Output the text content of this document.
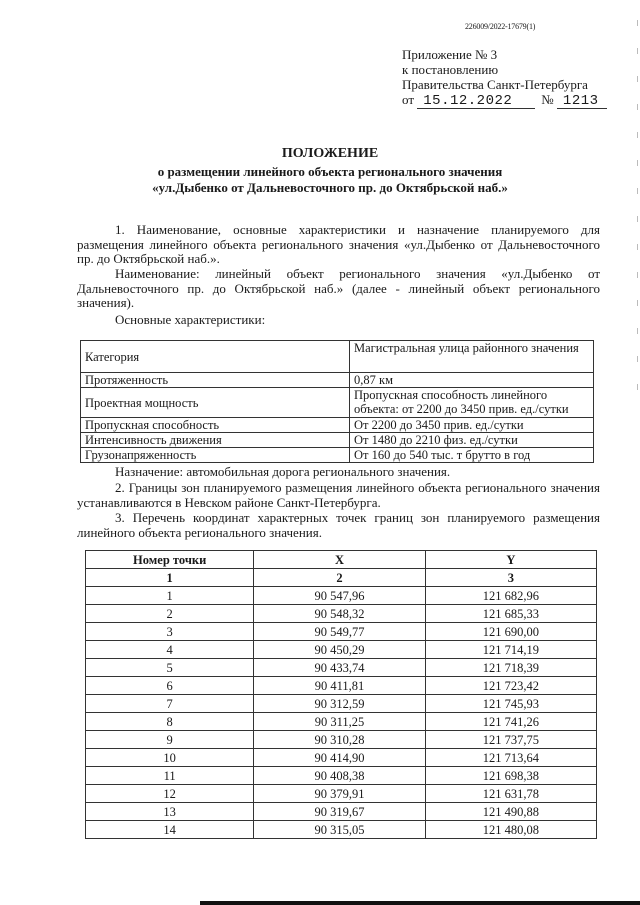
226009/2022-17679(1)
Приложение № 3
к постановлению
Правительства Санкт-Петербурга
от 15.12.2022 № 1213
ПОЛОЖЕНИЕ
о размещении линейного объекта регионального значения
«ул.Дыбенко от Дальневосточного пр. до Октябрьской наб.»
1. Наименование, основные характеристики и назначение планируемого для размещения линейного объекта регионального значения «ул.Дыбенко от Дальневосточного пр. до Октябрьской наб.».
Наименование: линейный объект регионального значения «ул.Дыбенко от Дальневосточного пр. до Октябрьской наб.» (далее - линейный объект регионального значения).
Основные характеристики:
Категория	Магистральная улица районного значения
Протяженность	0,87 км
Проектная мощность	Пропускная способность линейного объекта: от 2200 до 3450 прив. ед./сутки
Пропускная способность	От 2200 до 3450 прив. ед./сутки
Интенсивность движения	От 1480 до 2210 физ. ед./сутки
Грузонапряженность	От 160 до 540 тыс. т брутто в год
Назначение: автомобильная дорога регионального значения.
2. Границы зон планируемого размещения линейного объекта регионального значения устанавливаются в Невском районе Санкт-Петербурга.
3. Перечень координат характерных точек границ зон планируемого размещения линейного объекта регионального значения.
Номер точки	X	Y
1	2	3
1	90 547,96	121 682,96
2	90 548,32	121 685,33
3	90 549,77	121 690,00
4	90 450,29	121 714,19
5	90 433,74	121 718,39
6	90 411,81	121 723,42
7	90 312,59	121 745,93
8	90 311,25	121 741,26
9	90 310,28	121 737,75
10	90 414,90	121 713,64
11	90 408,38	121 698,38
12	90 379,91	121 631,78
13	90 319,67	121 490,88
14	90 315,05	121 480,08
